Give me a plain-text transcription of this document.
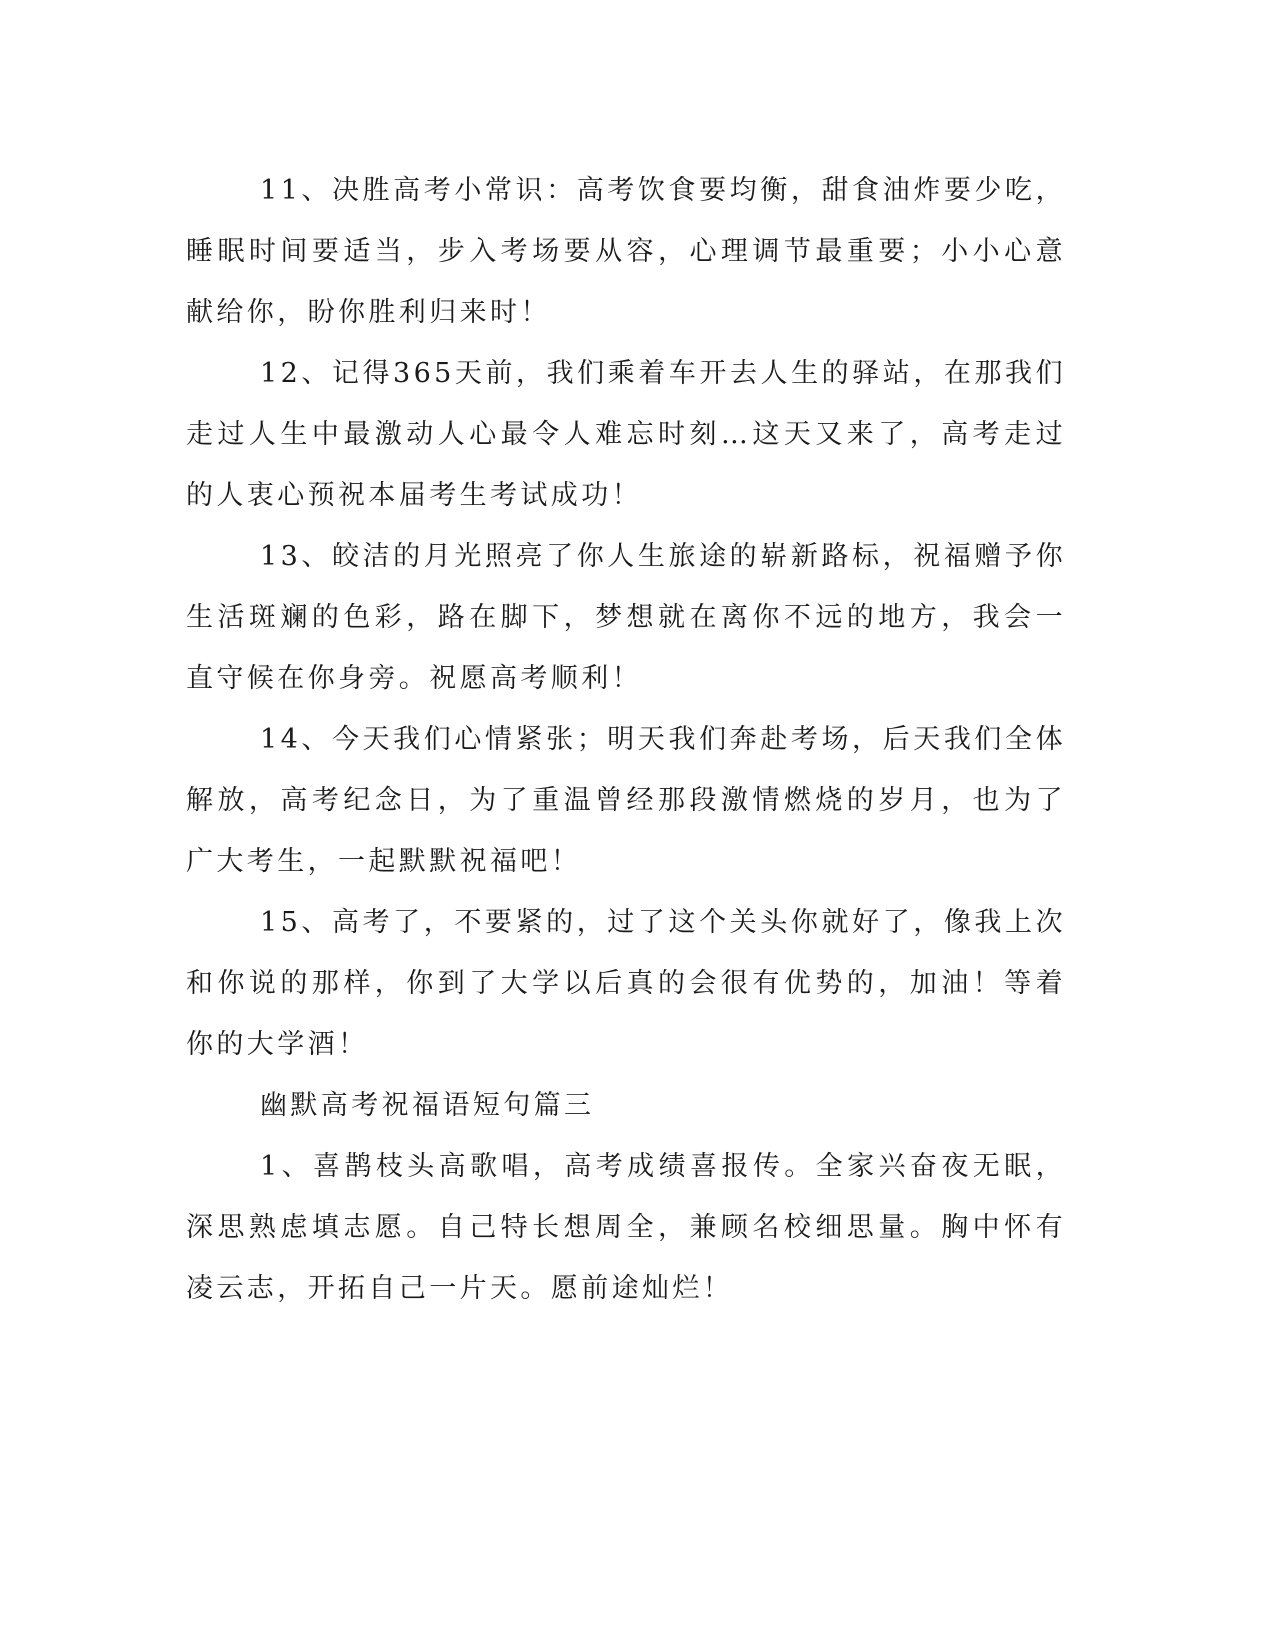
11、决胜高考小常识：高考饮食要均衡，甜食油炸要少吃，睡眠时间要适当，步入考场要从容，心理调节最重要；小小心意献给你，盼你胜利归来时！

12、记得365天前，我们乘着车开去人生的驿站，在那我们走过人生中最激动人心最令人难忘时刻…这天又来了，高考走过的人衷心预祝本届考生考试成功！

13、皎洁的月光照亮了你人生旅途的崭新路标，祝福赠予你生活斑斓的色彩，路在脚下，梦想就在离你不远的地方，我会一直守候在你身旁。祝愿高考顺利！

14、今天我们心情紧张；明天我们奔赴考场，后天我们全体解放，高考纪念日，为了重温曾经那段激情燃烧的岁月，也为了广大考生，一起默默祝福吧！

15、高考了，不要紧的，过了这个关头你就好了，像我上次和你说的那样，你到了大学以后真的会很有优势的，加油！等着你的大学酒！

幽默高考祝福语短句篇三

1、喜鹊枝头高歌唱，高考成绩喜报传。全家兴奋夜无眠，深思熟虑填志愿。自己特长想周全，兼顾名校细思量。胸中怀有凌云志，开拓自己一片天。愿前途灿烂！
